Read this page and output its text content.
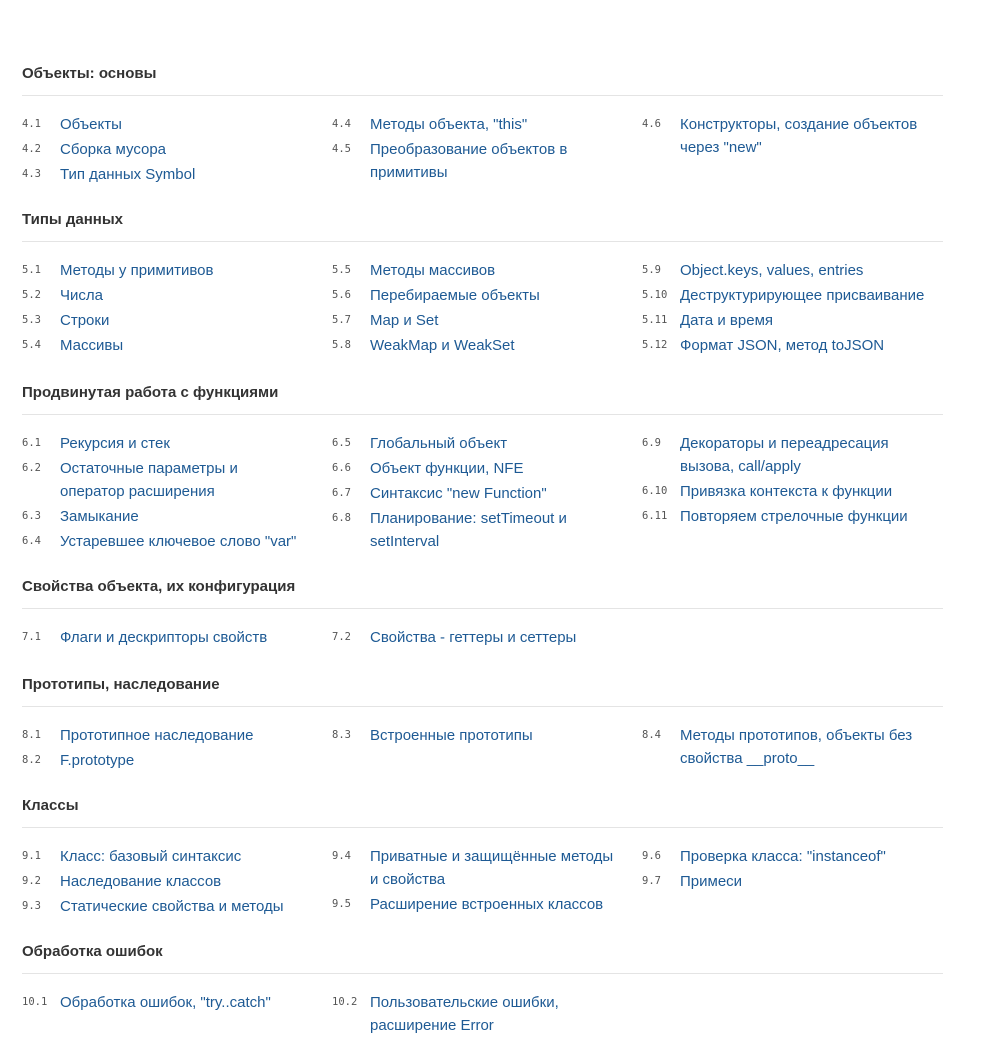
Объекты: основы
4.1	Объекты
4.2	Сборка мусора
4.3	Тип данных Symbol
4.4	Методы объекта, "this"
4.5	Преобразование объектов в примитивы
4.6	Конструкторы, создание объектов через "new"
Типы данных
5.1	Методы у примитивов
5.2	Числа
5.3	Строки
5.4	Массивы
5.5	Методы массивов
5.6	Перебираемые объекты
5.7	Map и Set
5.8	WeakMap и WeakSet
5.9	Object.keys, values, entries
5.10 Деструктурирующее присваивание
5.11 Дата и время
5.12 Формат JSON, метод toJSON
Продвинутая работа с функциями
6.1	Рекурсия и стек
6.2	Остаточные параметры и оператор расширения
6.3	Замыкание
6.4	Устаревшее ключевое слово "var"
6.5	Глобальный объект
6.6	Объект функции, NFE
6.7	Синтаксис "new Function"
6.8	Планирование: setTimeout и setInterval
6.9	Декораторы и переадресация вызова, call/apply
6.10 Привязка контекста к функции
6.11 Повторяем стрелочные функции
Свойства объекта, их конфигурация
7.1	Флаги и дескрипторы свойств	7.2	Свойства - геттеры и сеттеры
Прототипы, наследование
8.1	Прототипное наследование
8.2	F.prototype
8.3	Встроенные прототипы	8.4	Методы прототипов, объекты без свойства __proto__
Классы
9.1	Класс: базовый синтаксис
9.2	Наследование классов
9.3	Статические свойства и методы
9.4	Приватные и защищённые методы и свойства
9.5	Расширение встроенных классов
9.6	Проверка класса: "instanceof"
9.7	Примеси
Обработка ошибок
10.1 Обработка ошибок, "try..catch"	10.2 Пользовательские ошибки, расширение Error
